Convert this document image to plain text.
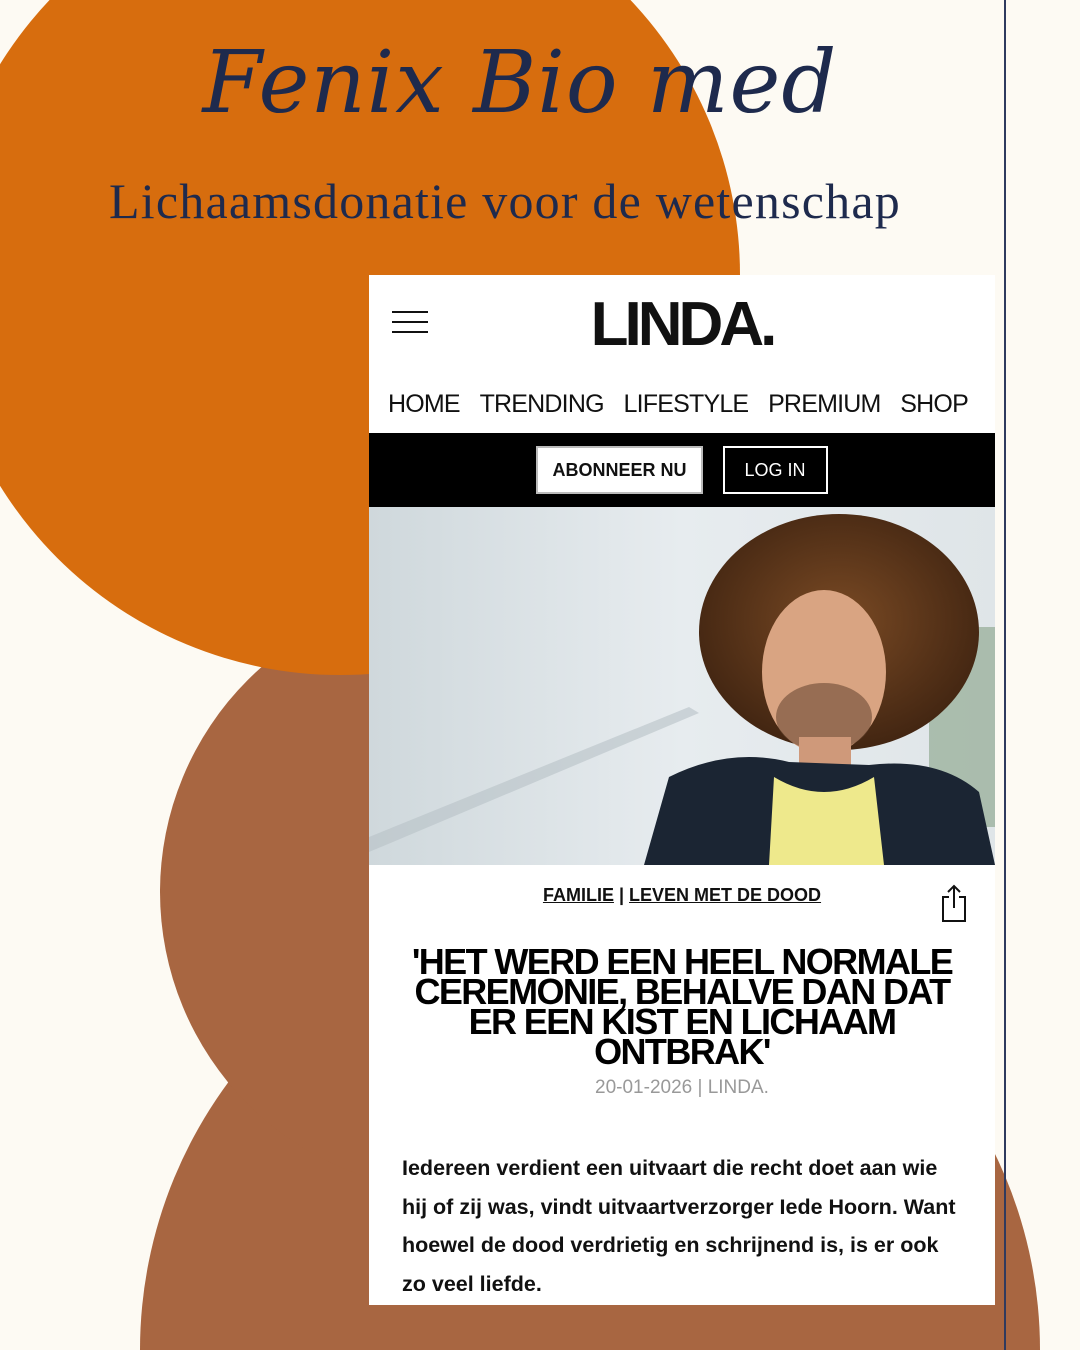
Fenix Bio med
Lichaamsdonatie voor de wetenschap
LINDA.
HOME TRENDING LIFESTYLE PREMIUM SHOP
ABONNEER NU	LOG IN
FAMILIE | LEVEN MET DE DOOD
'HET WERD EEN HEEL NORMALE CEREMONIE, BEHALVE DAN DAT ER EEN KIST EN LICHAAM ONTBRAK'
20-01-2026 | LINDA.
Iedereen verdient een uitvaart die recht doet aan wie hij of zij was, vindt uitvaartverzorger Iede Hoorn. Want hoewel de dood verdrietig en schrijnend is, is er ook zo veel liefde.
